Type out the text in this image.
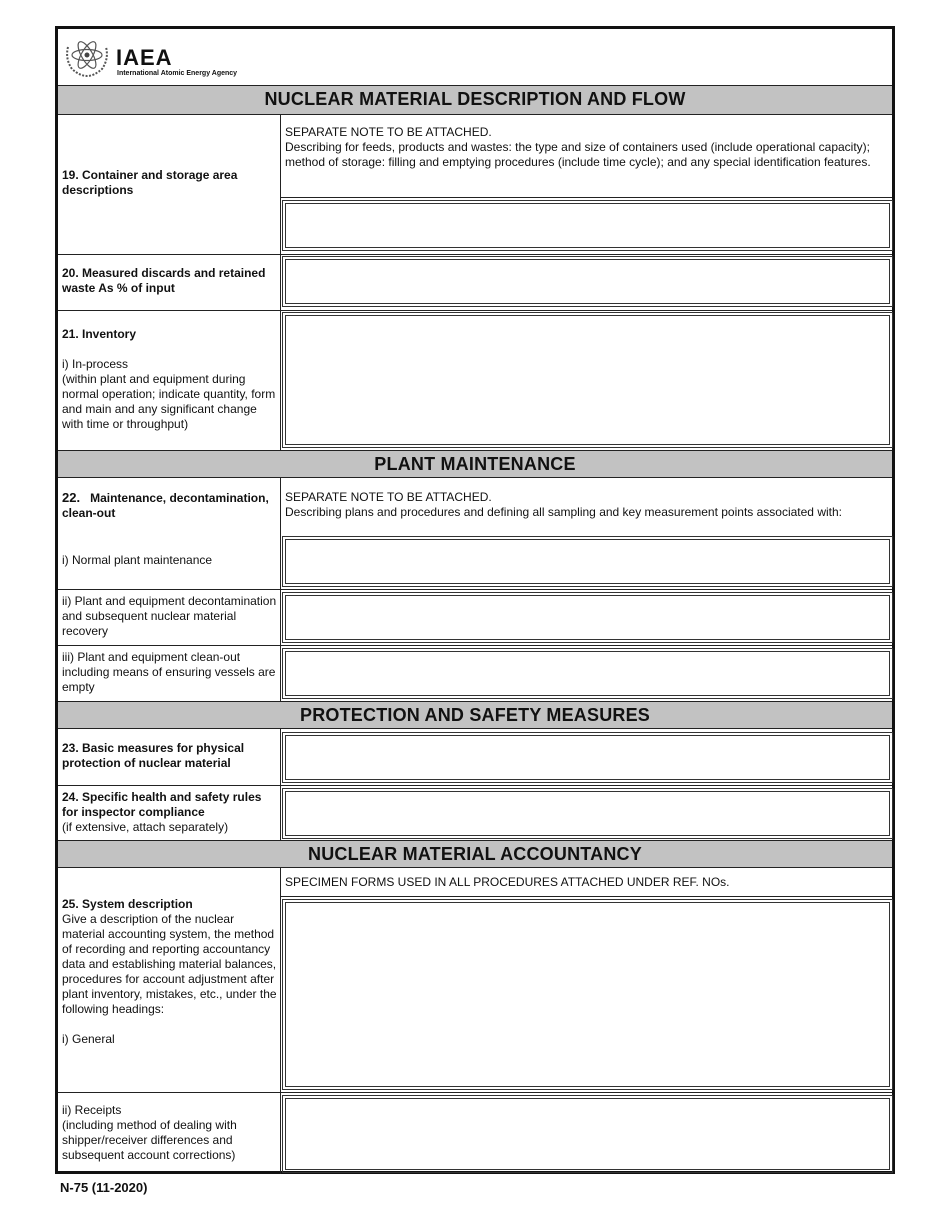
IAEA
International Atomic Energy Agency
NUCLEAR MATERIAL DESCRIPTION AND FLOW
19. Container and storage area descriptions
SEPARATE NOTE TO BE ATTACHED.
Describing for feeds, products and wastes: the type and size of containers used (include operational capacity); method of storage: filling and emptying procedures (include time cycle); and any special identification features.
20. Measured discards and retained waste As % of input
21. Inventory
i) In-process
(within plant and equipment during normal operation; indicate quantity, form and main and any significant change with time or throughput)
PLANT MAINTENANCE
22. Maintenance, decontamination, clean-out
SEPARATE NOTE TO BE ATTACHED.
Describing plans and procedures and defining all sampling and key measurement points associated with:
i) Normal plant maintenance
ii) Plant and equipment decontamination and subsequent nuclear material recovery
iii) Plant and equipment clean-out including means of ensuring vessels are empty
PROTECTION AND SAFETY MEASURES
23. Basic measures for physical protection of nuclear material
24. Specific health and safety rules for inspector compliance
(if extensive, attach separately)
NUCLEAR MATERIAL ACCOUNTANCY
SPECIMEN FORMS USED IN ALL PROCEDURES ATTACHED UNDER REF. NOs.
25. System description
Give a description of the nuclear material accounting system, the method of recording and reporting accountancy data and establishing material balances, procedures for account adjustment after plant inventory, mistakes, etc., under the following headings:
i) General
ii) Receipts
(including method of dealing with shipper/receiver differences and subsequent account corrections)
N-75 (11-2020)
